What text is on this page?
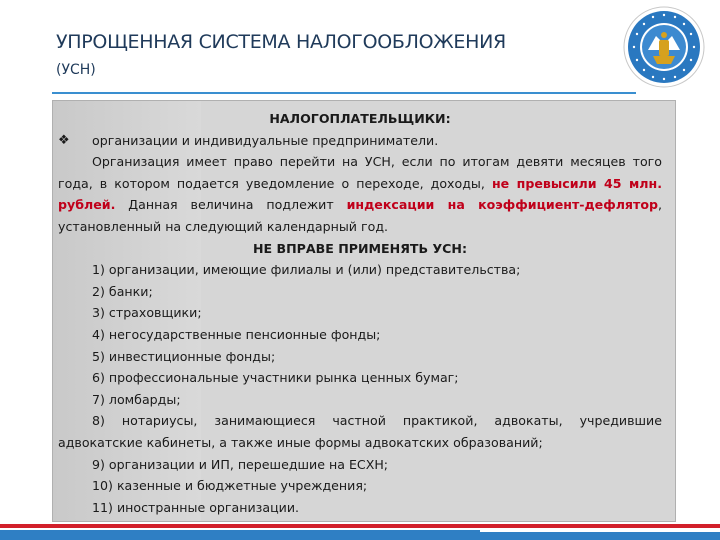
УПРОЩЕННАЯ СИСТЕМА НАЛОГООБЛОЖЕНИЯ
(УСН)

НАЛОГОПЛАТЕЛЬЩИКИ:

❖ организации и индивидуальные предприниматели.

Организация имеет право перейти на УСН, если по итогам девяти месяцев того года, в котором подается уведомление о переходе, доходы, не превысили 45 млн. рублей. Данная величина подлежит индексации на коэффициент-дефлятор, установленный на следующий календарный год.

НЕ ВПРАВЕ ПРИМЕНЯТЬ УСН:

1) организации, имеющие филиалы и (или) представительства;

2) банки;

3) страховщики;

4) негосударственные пенсионные фонды;

5) инвестиционные фонды;

6) профессиональные участники рынка ценных бумаг;

7) ломбарды;

8) нотариусы, занимающиеся частной практикой, адвокаты, учредившие адвокатские кабинеты, а также иные формы адвокатских образований;

9) организации и ИП, перешедшие на ЕСХН;

10) казенные и бюджетные учреждения;

11) иностранные организации.
